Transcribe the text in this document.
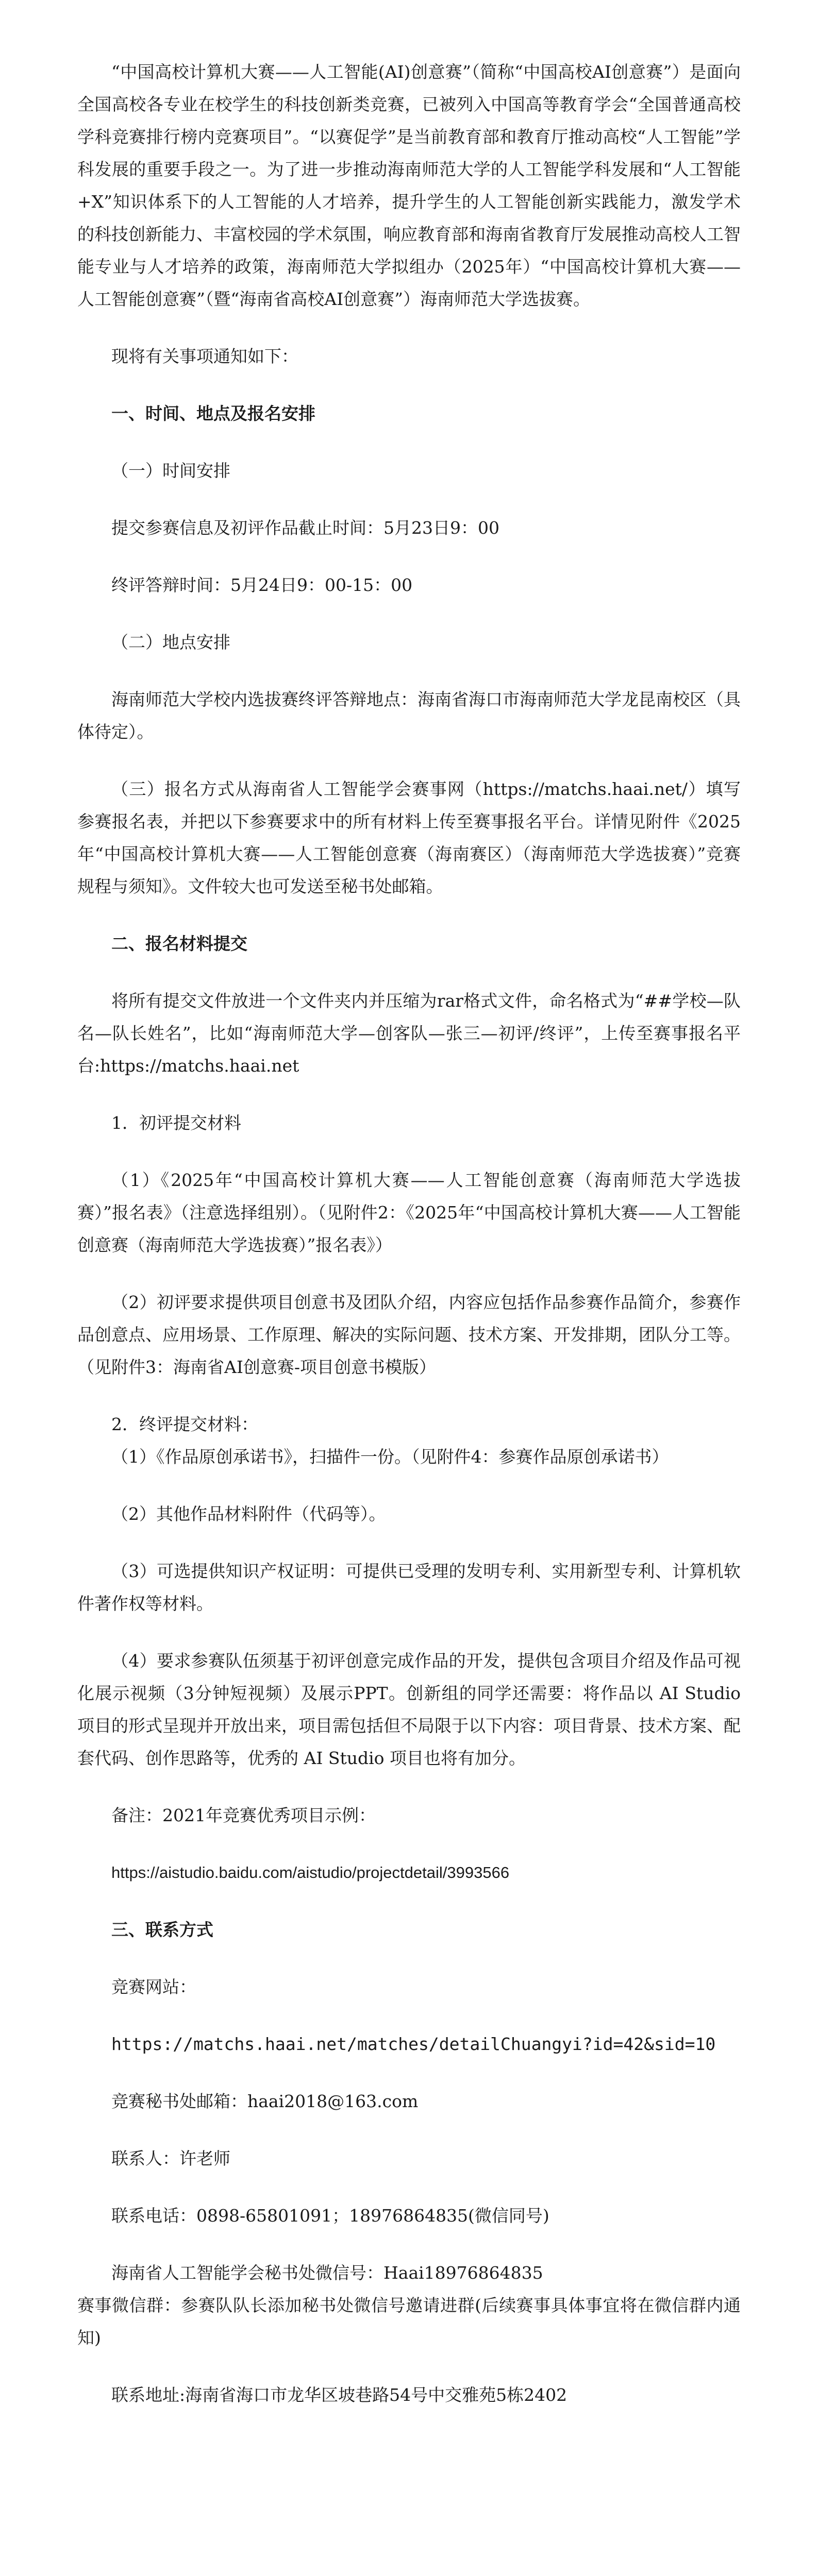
“中国高校计算机大赛——人工智能(AI)创意赛”（简称“中国高校AI创意赛”）是面向全国高校各专业在校学生的科技创新类竞赛，已被列入中国高等教育学会“全国普通高校学科竞赛排行榜内竞赛项目”。“以赛促学”是当前教育部和教育厅推动高校“人工智能”学科发展的重要手段之一。为了进一步推动海南师范大学的人工智能学科发展和“人工智能+X”知识体系下的人工智能的人才培养，提升学生的人工智能创新实践能力，激发学术的科技创新能力、丰富校园的学术氛围，响应教育部和海南省教育厅发展推动高校人工智能专业与人才培养的政策，海南师范大学拟组办（2025年）“中国高校计算机大赛——人工智能创意赛”（暨“海南省高校AI创意赛”）海南师范大学选拔赛。

现将有关事项通知如下：

一、时间、地点及报名安排

（一）时间安排

提交参赛信息及初评作品截止时间：5月23日9：00

终评答辩时间：5月24日9：00-15：00

（二）地点安排

海南师范大学校内选拔赛终评答辩地点：海南省海口市海南师范大学龙昆南校区（具体待定）。

（三）报名方式从海南省人工智能学会赛事网（https://matchs.haai.net/）填写参赛报名表，并把以下参赛要求中的所有材料上传至赛事报名平台。详情见附件《2025年“中国高校计算机大赛——人工智能创意赛（海南赛区）（海南师范大学选拔赛）”竞赛规程与须知》。文件较大也可发送至秘书处邮箱。

二、报名材料提交

将所有提交文件放进一个文件夹内并压缩为rar格式文件，命名格式为“##学校—队名—队长姓名”，比如“海南师范大学—创客队—张三—初评/终评”，上传至赛事报名平台:https://matchs.haai.net

1．初评提交材料

（1）《2025年“中国高校计算机大赛——人工智能创意赛（海南师范大学选拔赛）”报名表》（注意选择组别）。（见附件2：《2025年“中国高校计算机大赛——人工智能创意赛（海南师范大学选拔赛）”报名表》）

（2）初评要求提供项目创意书及团队介绍，内容应包括作品参赛作品简介，参赛作品创意点、应用场景、工作原理、解决的实际问题、技术方案、开发排期，团队分工等。（见附件3：海南省AI创意赛-项目创意书模版）

2．终评提交材料：

（1）《作品原创承诺书》，扫描件一份。（见附件4：参赛作品原创承诺书）

（2）其他作品材料附件（代码等）。

（3）可选提供知识产权证明：可提供已受理的发明专利、实用新型专利、计算机软件著作权等材料。

（4）要求参赛队伍须基于初评创意完成作品的开发，提供包含项目介绍及作品可视化展示视频（3分钟短视频）及展示PPT。创新组的同学还需要：将作品以 AI Studio 项目的形式呈现并开放出来，项目需包括但不局限于以下内容：项目背景、技术方案、配套代码、创作思路等，优秀的 AI Studio 项目也将有加分。

备注：2021年竞赛优秀项目示例：

https://aistudio.baidu.com/aistudio/projectdetail/3993566

三、联系方式

竞赛网站：

https://matchs.haai.net/matches/detailChuangyi?id=42&sid=10

竞赛秘书处邮箱：haai2018@163.com

联系人：许老师

联系电话：0898-65801091；18976864835(微信同号)

海南省人工智能学会秘书处微信号：Haai18976864835

赛事微信群：参赛队队长添加秘书处微信号邀请进群(后续赛事具体事宜将在微信群内通知)

联系地址:海南省海口市龙华区坡巷路54号中交雅苑5栋2402
